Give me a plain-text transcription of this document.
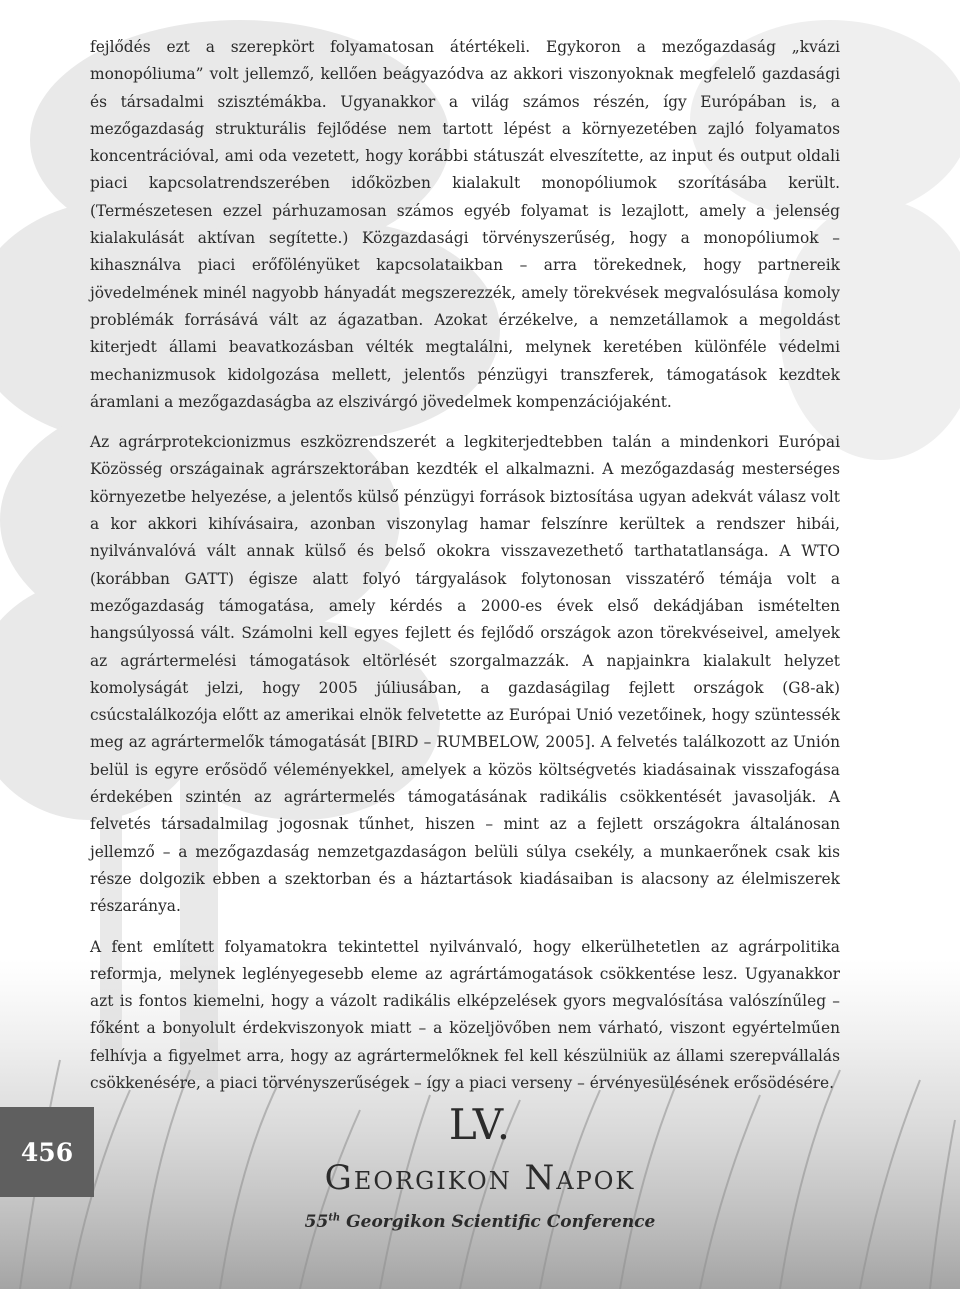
fejlődés ezt a szerepkört folyamatosan átértékeli. Egykoron a mezőgazdaság „kvázi monopóliuma” volt jellemző, kellően beágyazódva az akkori viszonyoknak megfelelő gazdasági és társadalmi szisztémákba. Ugyanakkor a világ számos részén, így Európában is, a mezőgazdaság strukturális fejlődése nem tartott lépést a környezetében zajló folyamatos koncentrációval, ami oda vezetett, hogy korábbi státuszát elveszítette, az input és output oldali piaci kapcsolatrendszerében időközben kialakult monopóliumok szorításába került. (Természetesen ezzel párhuzamosan számos egyéb folyamat is lezajlott, amely a jelenség kialakulását aktívan segítette.) Közgazdasági törvényszerűség, hogy a monopóliumok – kihasználva piaci erőfölényüket kapcsolataikban – arra törekednek, hogy partnereik jövedelmének minél nagyobb hányadát megszerezzék, amely törekvések megvalósulása komoly problémák forrásává vált az ágazatban. Azokat érzékelve, a nemzetállamok a megoldást kiterjedt állami beavatkozásban vélték megtalálni, melynek keretében különféle védelmi mechanizmusok kidolgozása mellett, jelentős pénzügyi transzferek, támogatások kezdtek áramlani a mezőgazdaságba az elszivárgó jövedelmek kompenzációjaként.

Az agrárprotekcionizmus eszközrendszerét a legkiterjedtebben talán a mindenkori Európai Közösség országainak agrárszektorában kezdték el alkalmazni. A mezőgazdaság mesterséges környezetbe helyezése, a jelentős külső pénzügyi források biztosítása ugyan adekvát válasz volt a kor akkori kihívásaira, azonban viszonylag hamar felszínre kerültek a rendszer hibái, nyilvánvalóvá vált annak külső és belső okokra visszavezethető tarthatatlansága. A WTO (korábban GATT) égisze alatt folyó tárgyalások folytonosan visszatérő témája volt a mezőgazdaság támogatása, amely kérdés a 2000-es évek első dekádjában ismételten hangsúlyossá vált. Számolni kell egyes fejlett és fejlődő országok azon törekvéseivel, amelyek az agrártermelési támogatások eltörlését szorgalmazzák. A napjainkra kialakult helyzet komolyságát jelzi, hogy 2005 júliusában, a gazdaságilag fejlett országok (G8-ak) csúcstalálkozója előtt az amerikai elnök felvetette az Európai Unió vezetőinek, hogy szüntessék meg az agrártermelők támogatását [BIRD – RUMBELOW, 2005]. A felvetés találkozott az Unión belül is egyre erősödő véleményekkel, amelyek a közös költségvetés kiadásainak visszafogása érdekében szintén az agrártermelés támogatásának radikális csökkentését javasolják. A felvetés társadalmilag jogosnak tűnhet, hiszen – mint az a fejlett országokra általánosan jellemző – a mezőgazdaság nemzetgazdaságon belüli súlya csekély, a munkaerőnek csak kis része dolgozik ebben a szektorban és a háztartások kiadásaiban is alacsony az élelmiszerek részaránya.

A fent említett folyamatokra tekintettel nyilvánvaló, hogy elkerülhetetlen az agrárpolitika reformja, melynek leglényegesebb eleme az agrártámogatások csökkentése lesz. Ugyanakkor azt is fontos kiemelni, hogy a vázolt radikális elképzelések gyors megvalósítása valószínűleg – főként a bonyolult érdekviszonyok miatt – a közeljövőben nem várható, viszont egyértelműen felhívja a figyelmet arra, hogy az agrártermelőknek fel kell készülniük az állami szerepvállalás csökkenésére, a piaci törvényszerűségek – így a piaci verseny – érvényesülésének erősödésére.

456
LV.
Georgikon Napok
55th Georgikon Scientific Conference
